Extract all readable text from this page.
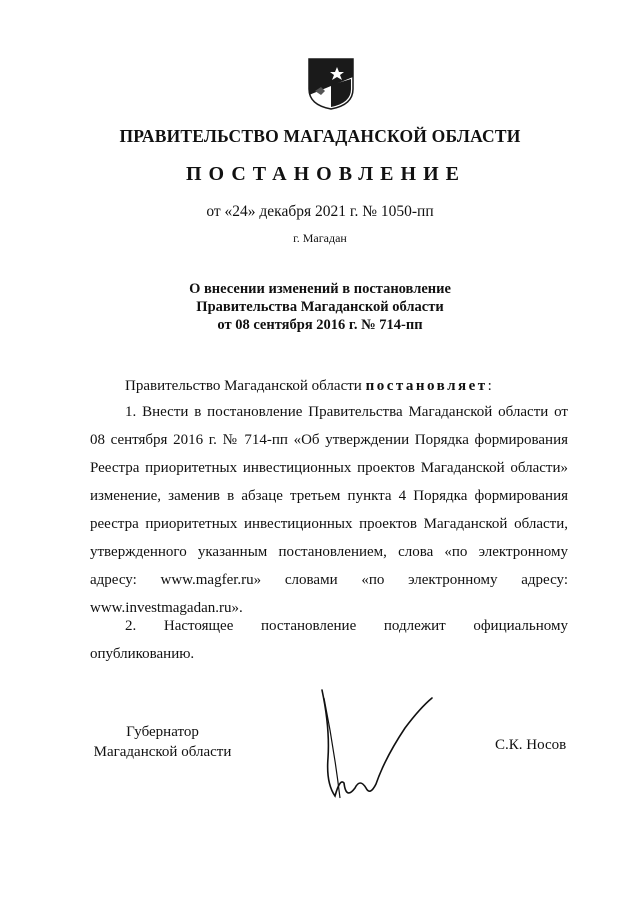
ПРАВИТЕЛЬСТВО МАГАДАНСКОЙ ОБЛАСТИ
ПОСТАНОВЛЕНИЕ
от «24» декабря 2021 г. № 1050-пп
г. Магадан
О внесении изменений в постановление
Правительства Магаданской области
от 08 сентября 2016 г. № 714-пп
Правительство Магаданской области постановляет:
1. Внести в постановление Правительства Магаданской области от 08 сентября 2016 г. № 714-пп «Об утверждении Порядка формирования Реестра приоритетных инвестиционных проектов Магаданской области» изменение, заменив в абзаце третьем пункта 4 Порядка формирования реестра приоритетных инвестиционных проектов Магаданской области, утвержденного указанным постановлением, слова «по электронному адресу: www.magfer.ru» словами «по электронному адресу: www.investmagadan.ru».
2. Настоящее постановление подлежит официальному опубликованию.
Губернатор
Магаданской области	С.К. Носов
